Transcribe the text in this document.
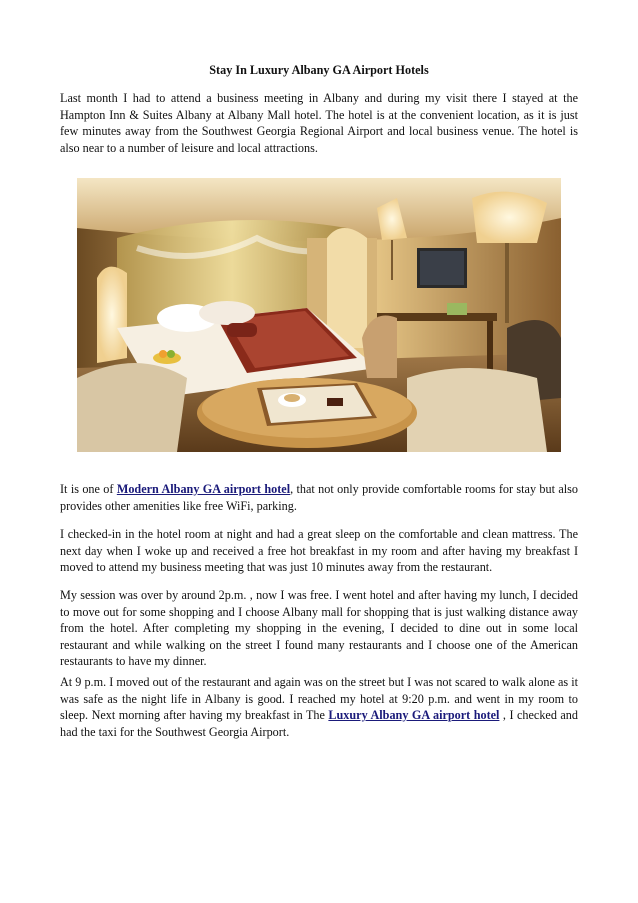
Stay In Luxury Albany GA Airport Hotels

Last month I had to attend a business meeting in Albany and during my visit there I stayed at the Hampton Inn & Suites Albany at Albany Mall hotel. The hotel is at the convenient location, as it is just few minutes away from the Southwest Georgia Regional Airport and local business venue. The hotel is also near to a number of leisure and local attractions.

It is one of Modern Albany GA airport hotel, that not only provide comfortable rooms for stay but also provides other amenities like free WiFi, parking.

I checked-in in the hotel room at night and had a great sleep on the comfortable and clean mattress. The next day when I woke up and received a free hot breakfast in my room and after having my breakfast I moved to attend my business meeting that was just 10 minutes away from the restaurant.

My session was over by around 2p.m. , now I was free. I went hotel and after having my lunch, I decided to move out for some shopping and I choose Albany mall for shopping that is just walking distance away from the hotel. After completing my shopping in the evening, I decided to dine out in some local restaurant and while walking on the street I found many restaurants and I choose one of the American restaurants to have my dinner.

At 9 p.m. I moved out of the restaurant and again was on the street but I was not scared to walk alone as it was safe as the night life in Albany is good. I reached my hotel at 9:20 p.m. and went in my room to sleep. Next morning after having my breakfast in The Luxury Albany GA airport hotel , I checked and had the taxi for the Southwest Georgia Airport.
